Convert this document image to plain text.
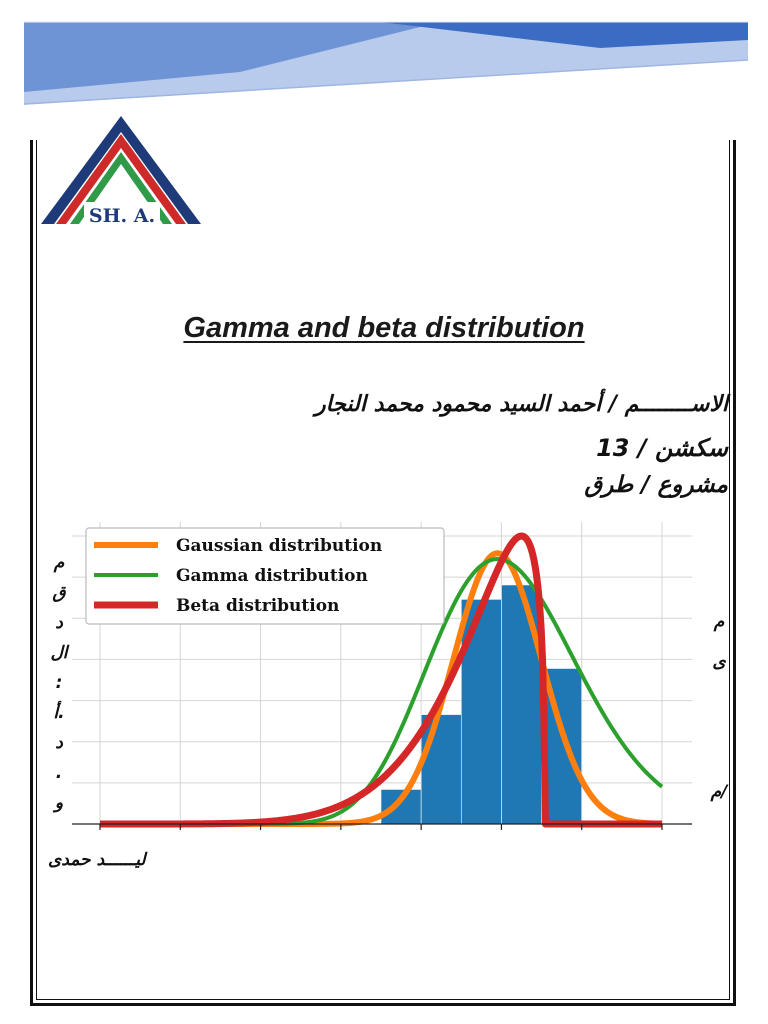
SH. A.
Gamma and beta distribution
الاســــــــم / أحمد السيد محمود محمد النجار
سكشن / 13
مشروع / طرق
Gaussian distribution
Gamma distribution
Beta distribution
م
ق
د
ال
:
أ.
د
.
و
م
ى
م/
ليــــــد حمدى
